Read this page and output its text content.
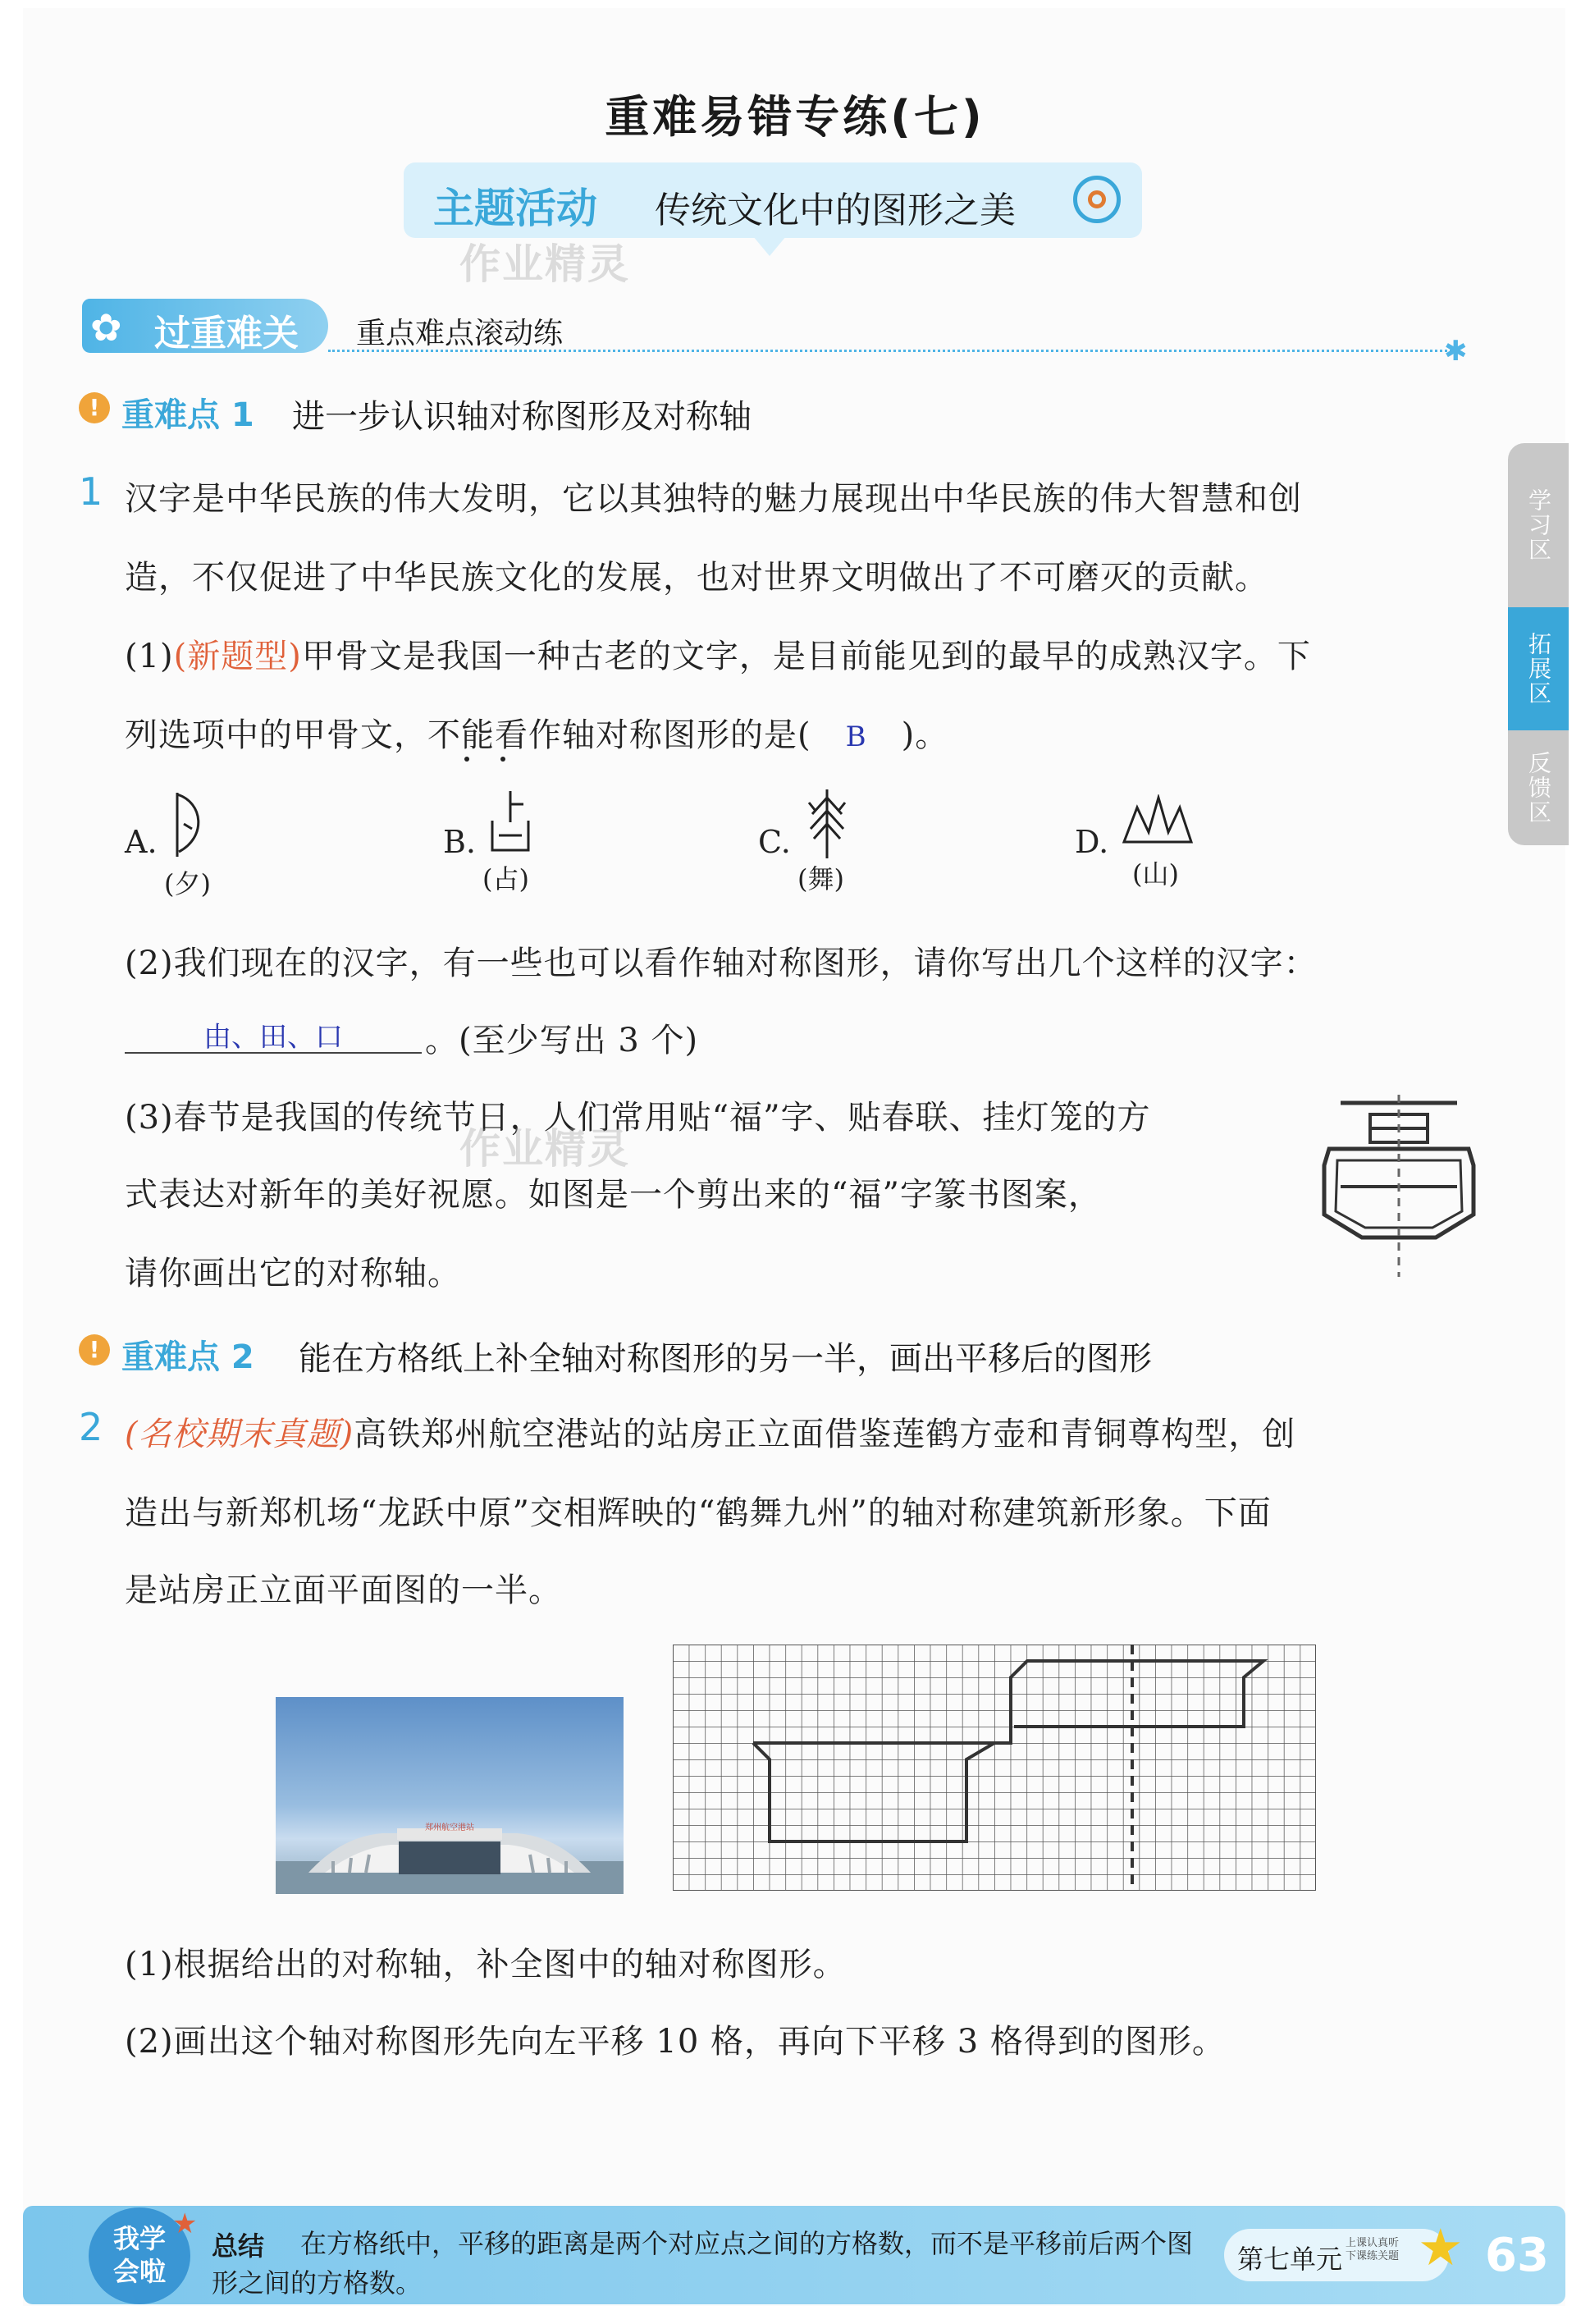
重难易错专练(七)
主题活动 传统文化中的图形之美
作业精灵
✿ 过重难关 重点难点滚动练
✱
学习区
拓展区
反馈区
! 重难点 1 进一步认识轴对称图形及对称轴
1 汉字是中华民族的伟大发明，它以其独特的魅力展现出中华民族的伟大智慧和创
造，不仅促进了中华民族文化的发展，也对世界文明做出了不可磨灭的贡献。
(1)(新题型)甲骨文是我国一种古老的文字，是目前能见到的最早的成熟汉字。下
列选项中的甲骨文，不能看作轴对称图形的是( B )。
A.
(夕)
B.
(占)
C.
(舞)
D.
(山)
(2)我们现在的汉字，有一些也可以看作轴对称图形，请你写出几个这样的汉字：
由、田、口	。(至少写出 3 个)
(3)春节是我国的传统节日，人们常用贴“福”字、贴春联、挂灯笼的方
式表达对新年的美好祝愿。如图是一个剪出来的“福”字篆书图案，
请你画出它的对称轴。
作业精灵
! 重难点 2 能在方格纸上补全轴对称图形的另一半，画出平移后的图形
2 (名校期末真题)高铁郑州航空港站的站房正立面借鉴莲鹤方壶和青铜尊构型，创
造出与新郑机场“龙跃中原”交相辉映的“鹤舞九州”的轴对称建筑新形象。下面
是站房正立面平面图的一半。
郑州航空港站
(1)根据给出的对称轴，补全图中的轴对称图形。
(2)画出这个轴对称图形先向左平移 10 格，再向下平移 3 格得到的图形。
我学
会啦
★
总结	在方格纸中，平移的距离是两个对应点之间的方格数，而不是平移前后两个图形之间的方格数。
第七单元
上课认真听
下课练关题 ★ 63
